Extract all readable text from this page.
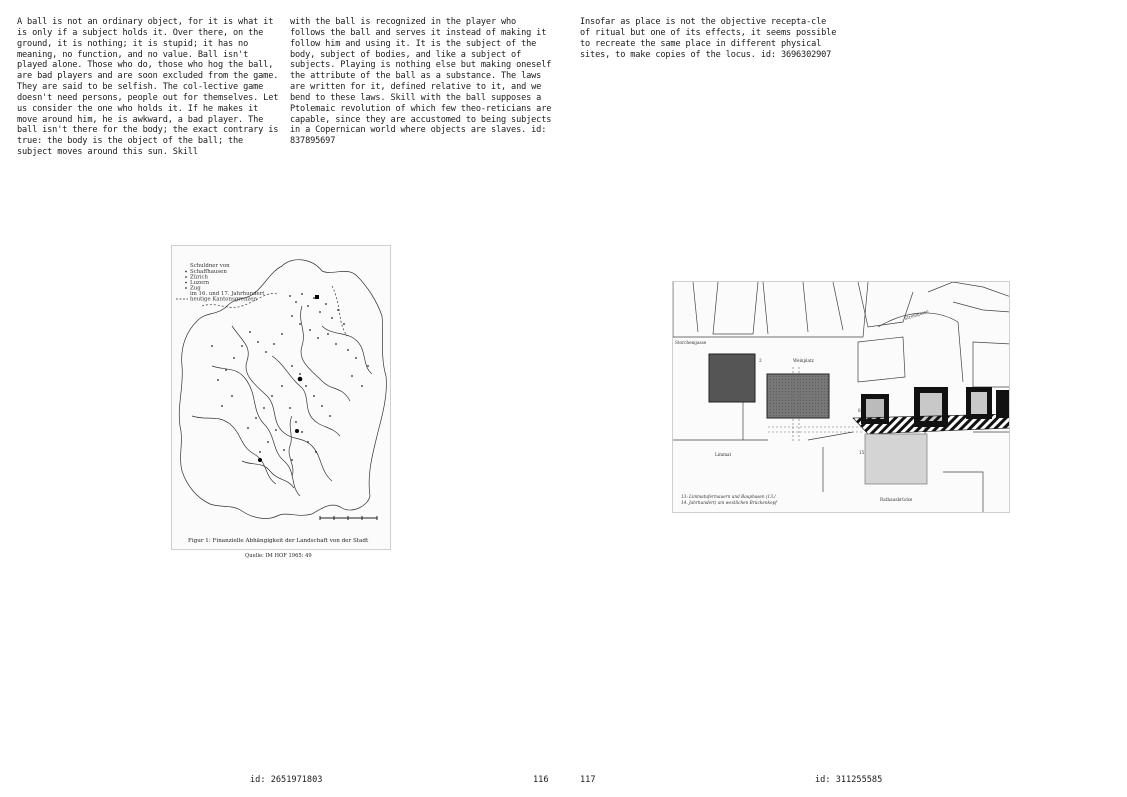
A ball is not an ordinary object, for it is what it is only if a subject holds it. Over there, on the ground, it is nothing; it is stupid; it has no meaning, no function, and no value. Ball isn't played alone. Those who do, those who hog the ball, are bad players and are soon excluded from the game. They are said to be selfish. The col-lective game doesn't need persons, people out for themselves. Let us consider the one who holds it. If he makes it move around him, he is awkward, a bad player. The ball isn't there for the body; the exact contrary is true: the body is the object of the ball; the subject moves around this sun. Skill

with the ball is recognized in the player who follows the ball and serves it instead of making it follow him and using it. It is the subject of the body, subject of bodies, and like a subject of subjects. Playing is nothing else but making oneself the attribute of the ball as a substance. The laws are written for it, defined relative to it, and we bend to these laws. Skill with the ball supposes a Ptolemaic revolution of which few theo-reticians are capable, since they are accustomed to being subjects in a Copernican world where objects are slaves. id: 837895697

Insofar as place is not the objective recepta-cle of ritual but one of its effects, it seems possible to recreate the same place in different physical sites, to make copies of the locus. id: 3696302907

Schuldner von
Schaffhausen
Zürich
Luzern
Zug
im 16. und 17. Jahrhundert
heutige Kantonsgrenzen
Figur 1: Finanzielle Abhängigkeit der Landschaft von der Stadt
Quelle: IM HOF 1965: 49
Storchengasse
Strehlgasse
Weinplatz
Limmat
Rathausbrücke
2
8
15
13: Limmatufermauern und Bauphasen (13./
14. Jahrhundert) am westlichen Brückenkopf
id: 2651971803	116	117	id: 311255585
